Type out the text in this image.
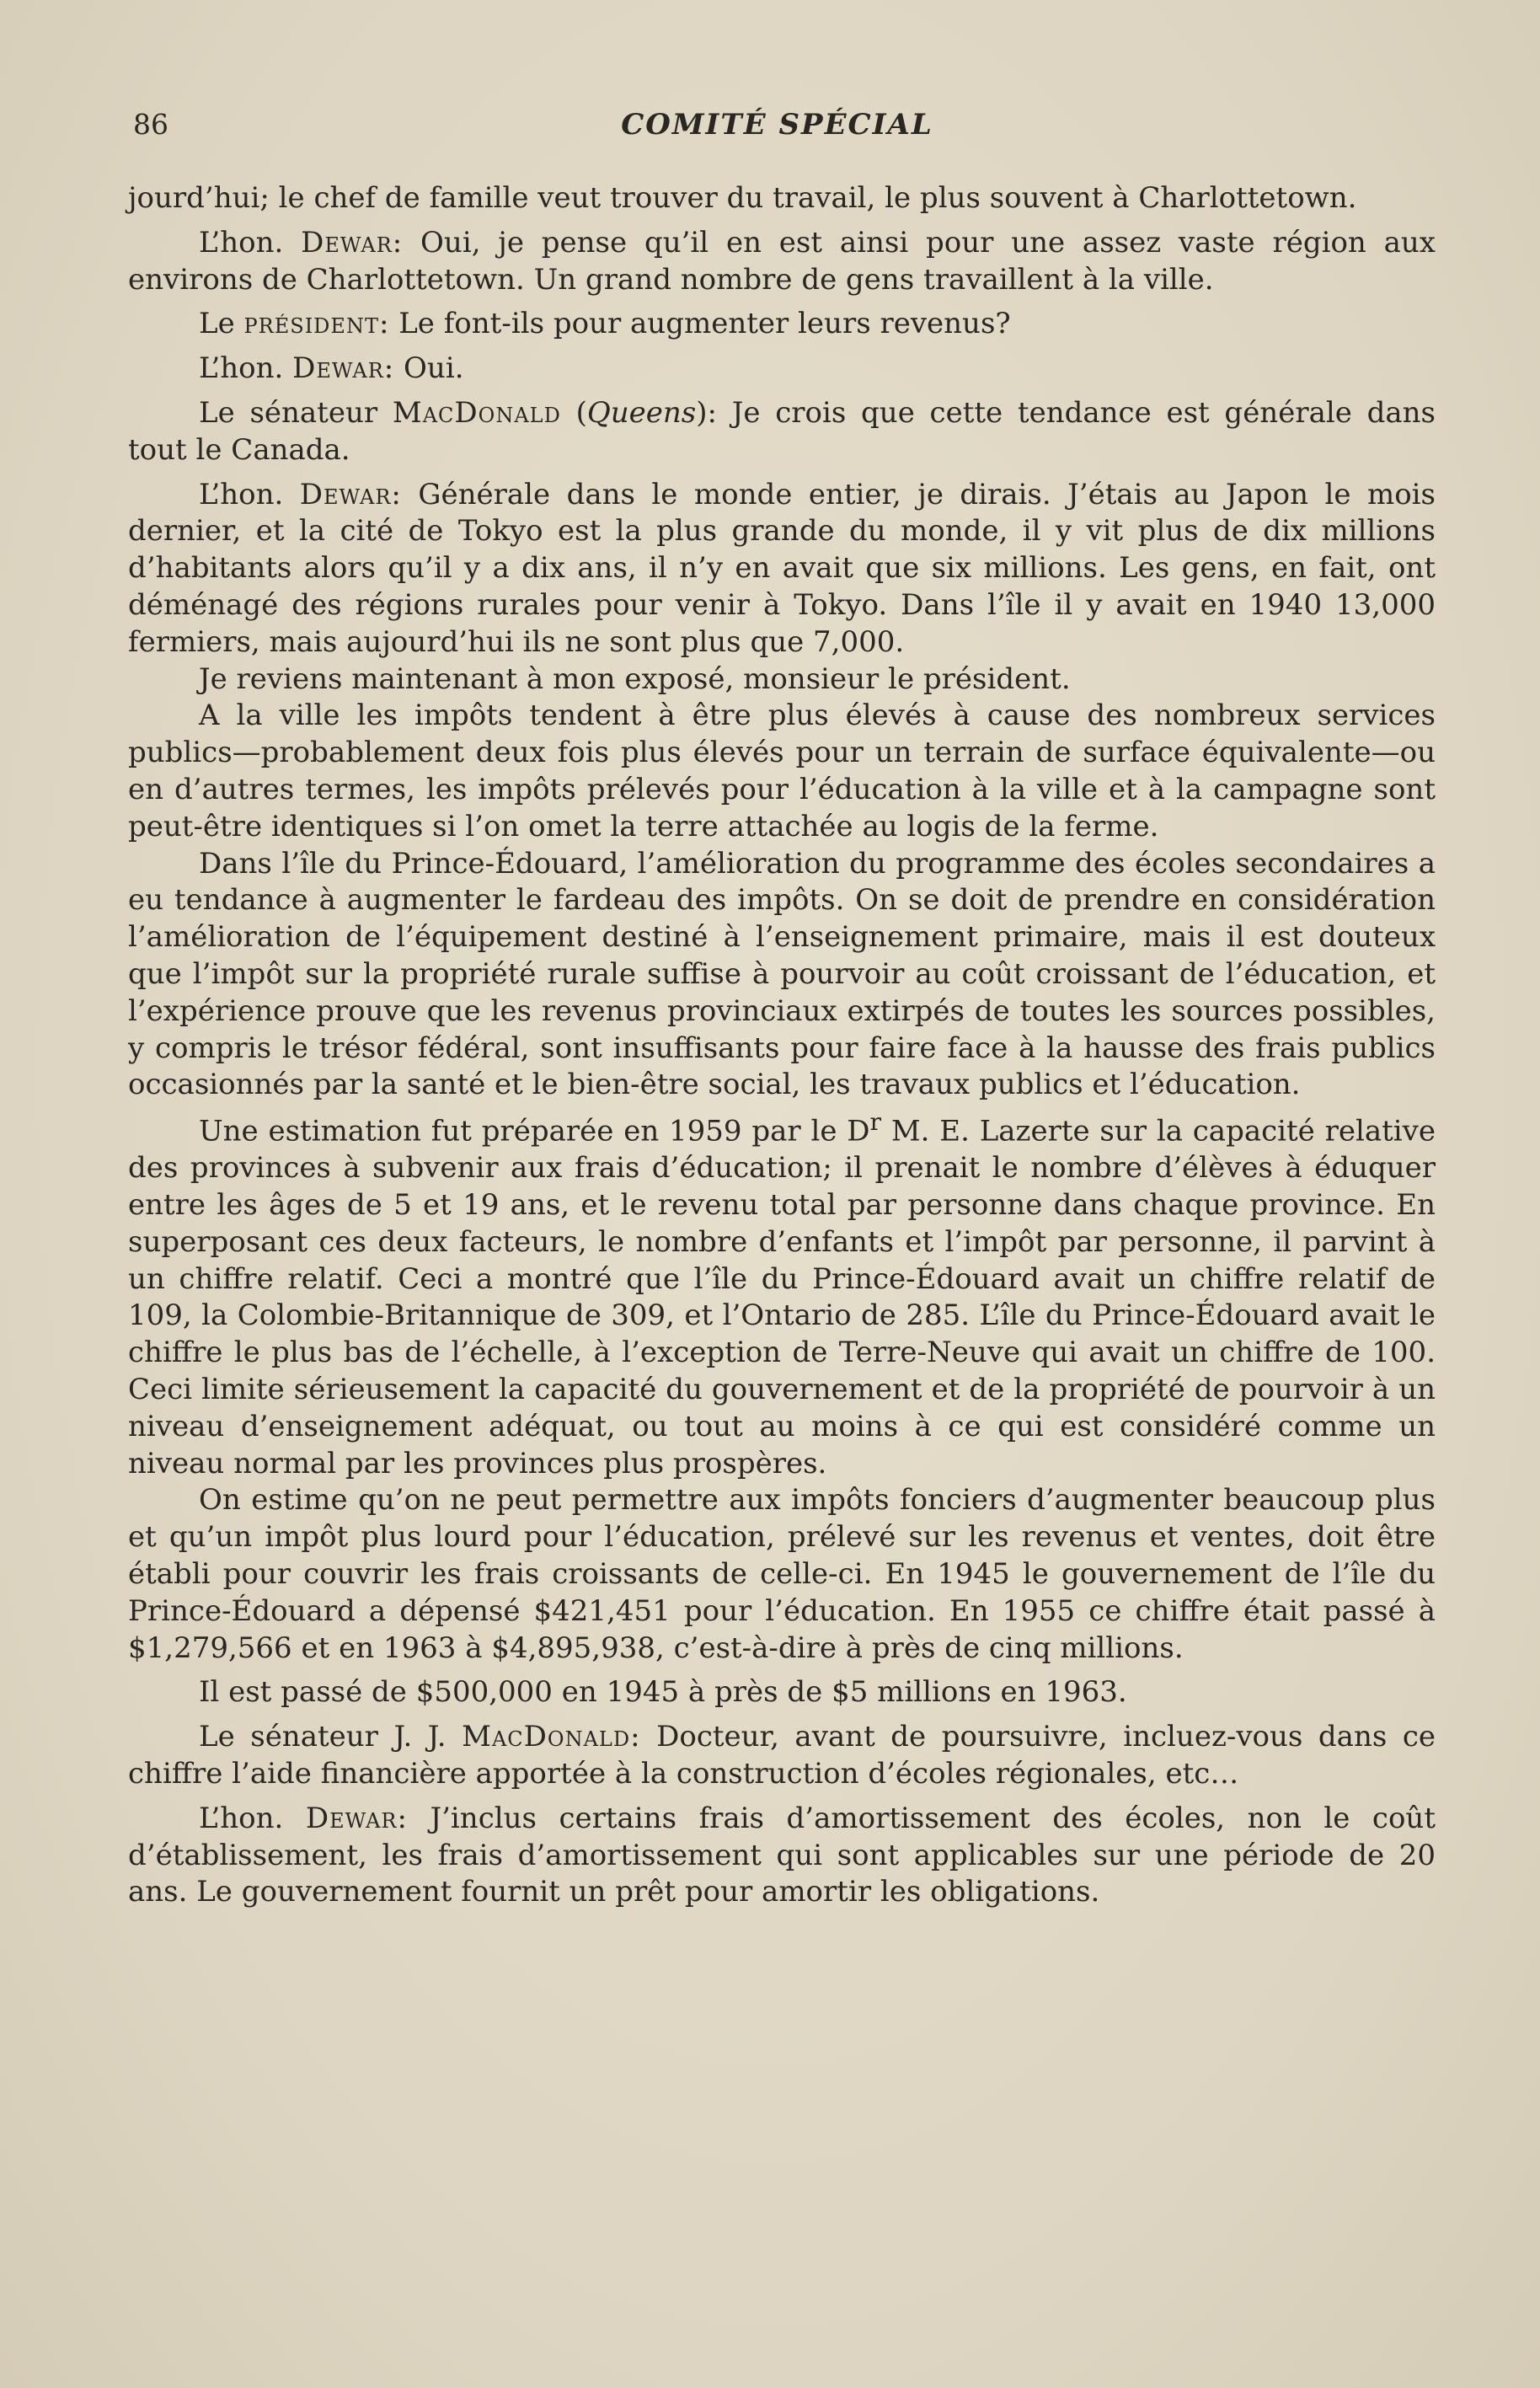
86	COMITÉ SPÉCIAL

jourd’hui; le chef de famille veut trouver du travail, le plus souvent à Charlottetown.

L’hon. Dewar: Oui, je pense qu’il en est ainsi pour une assez vaste région aux environs de Charlottetown. Un grand nombre de gens travaillent à la ville.

Le président: Le font-ils pour augmenter leurs revenus?

L’hon. Dewar: Oui.

Le sénateur MacDonald (Queens): Je crois que cette tendance est générale dans tout le Canada.

L’hon. Dewar: Générale dans le monde entier, je dirais. J’étais au Japon le mois dernier, et la cité de Tokyo est la plus grande du monde, il y vit plus de dix millions d’habitants alors qu’il y a dix ans, il n’y en avait que six millions. Les gens, en fait, ont déménagé des régions rurales pour venir à Tokyo. Dans l’île il y avait en 1940 13,000 fermiers, mais aujourd’hui ils ne sont plus que 7,000.

Je reviens maintenant à mon exposé, monsieur le président.

A la ville les impôts tendent à être plus élevés à cause des nombreux services publics—probablement deux fois plus élevés pour un terrain de surface équivalente—ou en d’autres termes, les impôts prélevés pour l’éducation à la ville et à la campagne sont peut-être identiques si l’on omet la terre attachée au logis de la ferme.

Dans l’île du Prince-Édouard, l’amélioration du programme des écoles secondaires a eu tendance à augmenter le fardeau des impôts. On se doit de prendre en considération l’amélioration de l’équipement destiné à l’enseignement primaire, mais il est douteux que l’impôt sur la propriété rurale suffise à pourvoir au coût croissant de l’éducation, et l’expérience prouve que les revenus provinciaux extirpés de toutes les sources possibles, y compris le trésor fédéral, sont insuffisants pour faire face à la hausse des frais publics occasionnés par la santé et le bien-être social, les travaux publics et l’éducation.

Une estimation fut préparée en 1959 par le $D^r$ M. E. Lazerte sur la capacité relative des provinces à subvenir aux frais d’éducation; il prenait le nombre d’élèves à éduquer entre les âges de 5 et 19 ans, et le revenu total par personne dans chaque province. En superposant ces deux facteurs, le nombre d’enfants et l’impôt par personne, il parvint à un chiffre relatif. Ceci a montré que l’île du Prince-Édouard avait un chiffre relatif de 109, la Colombie-Britannique de 309, et l’Ontario de 285. L’île du Prince-Édouard avait le chiffre le plus bas de l’échelle, à l’exception de Terre-Neuve qui avait un chiffre de 100. Ceci limite sérieusement la capacité du gouvernement et de la propriété de pourvoir à un niveau d’enseignement adéquat, ou tout au moins à ce qui est considéré comme un niveau normal par les provinces plus prospères.

On estime qu’on ne peut permettre aux impôts fonciers d’augmenter beaucoup plus et qu’un impôt plus lourd pour l’éducation, prélevé sur les revenus et ventes, doit être établi pour couvrir les frais croissants de celle-ci. En 1945 le gouvernement de l’île du Prince-Édouard a dépensé $421,451 pour l’éducation. En 1955 ce chiffre était passé à $1,279,566 et en 1963 à $4,895,938, c’est-à-dire à près de cinq millions.

Il est passé de $500,000 en 1945 à près de $5 millions en 1963.

Le sénateur J. J. MacDonald: Docteur, avant de poursuivre, incluez-vous dans ce chiffre l’aide financière apportée à la construction d’écoles régionales, etc…

L’hon. Dewar: J’inclus certains frais d’amortissement des écoles, non le coût d’établissement, les frais d’amortissement qui sont applicables sur une période de 20 ans. Le gouvernement fournit un prêt pour amortir les obligations.
